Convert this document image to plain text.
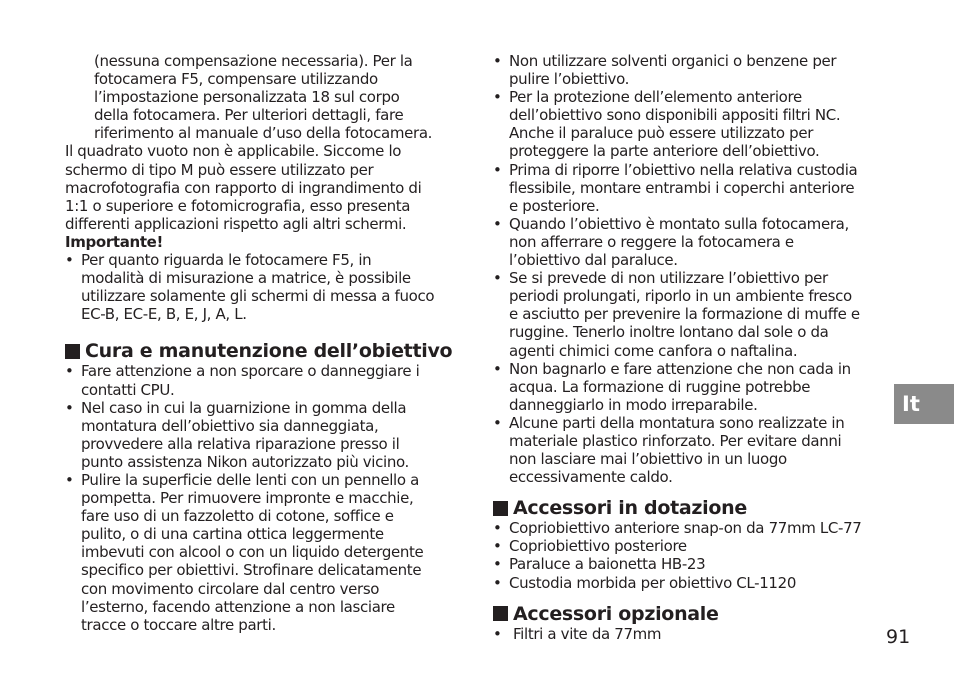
(nessuna compensazione necessaria). Per la
fotocamera F5, compensare utilizzando
l’impostazione personalizzata 18 sul corpo
della fotocamera. Per ulteriori dettagli, fare
riferimento al manuale d’uso della fotocamera.

Il quadrato vuoto non è applicabile. Siccome lo
schermo di tipo M può essere utilizzato per
macrofotografia con rapporto di ingrandimento di
1:1 o superiore e fotomicrografia, esso presenta
differenti applicazioni rispetto agli altri schermi.

Importante!

• Per quanto riguarda le fotocamere F5, in
modalità di misurazione a matrice, è possibile
utilizzare solamente gli schermi di messa a fuoco
EC-B, EC-E, B, E, J, A, L.
Cura e manutenzione dell’obiettivo
• Fare attenzione a non sporcare o danneggiare i
contatti CPU.
• Nel caso in cui la guarnizione in gomma della
montatura dell’obiettivo sia danneggiata,
provvedere alla relativa riparazione presso il
punto assistenza Nikon autorizzato più vicino.
• Pulire la superficie delle lenti con un pennello a
pompetta. Per rimuovere impronte e macchie,
fare uso di un fazzoletto di cotone, soffice e
pulito, o di una cartina ottica leggermente
imbevuti con alcool o con un liquido detergente
specifico per obiettivi. Strofinare delicatamente
con movimento circolare dal centro verso
l’esterno, facendo attenzione a non lasciare
tracce o toccare altre parti.
• Non utilizzare solventi organici o benzene per
pulire l’obiettivo.
• Per la protezione dell’elemento anteriore
dell’obiettivo sono disponibili appositi filtri NC.
Anche il paraluce può essere utilizzato per
proteggere la parte anteriore dell’obiettivo.
• Prima di riporre l’obiettivo nella relativa custodia
flessibile, montare entrambi i coperchi anteriore
e posteriore.
• Quando l’obiettivo è montato sulla fotocamera,
non afferrare o reggere la fotocamera e
l’obiettivo dal paraluce.
• Se si prevede di non utilizzare l’obiettivo per
periodi prolungati, riporlo in un ambiente fresco
e asciutto per prevenire la formazione di muffe e
ruggine. Tenerlo inoltre lontano dal sole o da
agenti chimici come canfora o naftalina.
• Non bagnarlo e fare attenzione che non cada in
acqua. La formazione di ruggine potrebbe
danneggiarlo in modo irreparabile.
• Alcune parti della montatura sono realizzate in
materiale plastico rinforzato. Per evitare danni
non lasciare mai l’obiettivo in un luogo
eccessivamente caldo.
Accessori in dotazione
• Copriobiettivo anteriore snap-on da 77mm LC-77
• Copriobiettivo posteriore
• Paraluce a baionetta HB-23
• Custodia morbida per obiettivo CL-1120
Accessori opzionale
• Filtri a vite da 77mm
It
91
